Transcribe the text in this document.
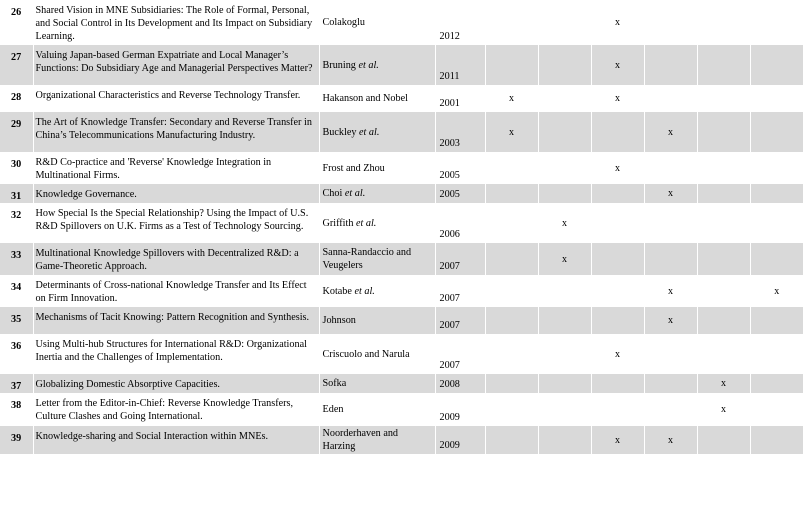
26	Shared Vision in MNE Subsidiaries: The Role of Formal, Personal, and Social Control in Its Development and Its Impact on Subsidiary Learning.	Colakoglu	2012			x			
27	Valuing Japan-based German Expatriate and Local Manager’s Functions: Do Subsidiary Age and Managerial Perspectives Matter?	Bruning et al.	2011			x			
28	Organizational Characteristics and Reverse Technology Transfer.	Hakanson and Nobel	2001	x		x			
29	The Art of Knowledge Transfer: Secondary and Reverse Transfer in China’s Telecommunications Manufacturing Industry.	Buckley et al.	2003	x			x		
30	R&D Co-practice and 'Reverse' Knowledge Integration in Multinational Firms.	Frost and Zhou	2005			x			
31	Knowledge Governance.	Choi et al.	2005				x		
32	How Special Is the Special Relationship? Using the Impact of U.S. R&D Spillovers on U.K. Firms as a Test of Technology Sourcing.	Griffith et al.	2006		x				
33	Multinational Knowledge Spillovers with Decentralized R&D: a Game-Theoretic Approach.	Sanna-Randaccio and Veugelers	2007		x				
34	Determinants of Cross-national Knowledge Transfer and Its Effect on Firm Innovation.	Kotabe et al.	2007				x		x
35	Mechanisms of Tacit Knowing: Pattern Recognition and Synthesis.	Johnson	2007				x		
36	Using Multi-hub Structures for International R&D: Organizational Inertia and the Challenges of Implementation.	Criscuolo and Narula	2007			x			
37	Globalizing Domestic Absorptive Capacities.	Sofka	2008					x	
38	Letter from the Editor-in-Chief: Reverse Knowledge Transfers, Culture Clashes and Going International.	Eden	2009					x	
39	Knowledge-sharing and Social Interaction within MNEs.	Noorderhaven and Harzing	2009			x	x		
